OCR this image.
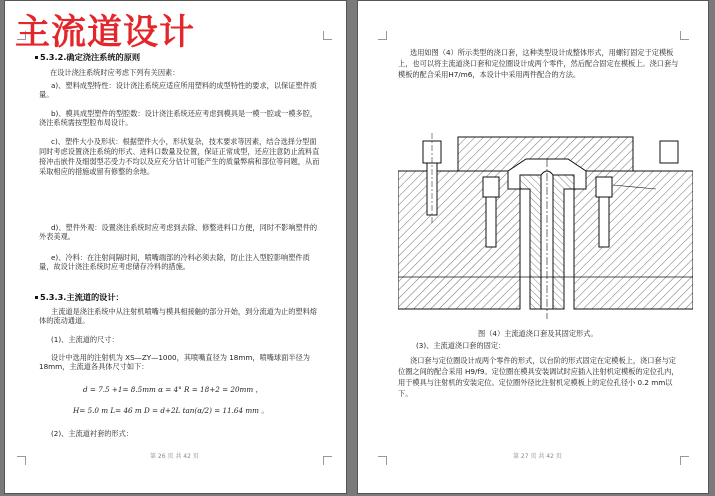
主流道设计
5.3.2.确定浇注系统的原则
在设计浇注系统时应考虑下列有关因素：
a)、塑料成型特性：设计浇注系统应适应所用塑料的成型特性的要求，以保证塑件质量。
b)、模具成型塑件的型腔数：设计浇注系统还应考虑到模具是一模一腔或一模多腔，浇注系统需按型腔布局设计。
c)、塑件大小及形状：根据塑件大小，形状复杂，技术要求等因素，结合选择分型面同时考虑设置浇注系统的形式、进料口数量及位置，保证正常成型，还应注意防止流料直接冲击嵌件及细弱型芯受力不均以及应充分估计可能产生的质量弊病和部位等问题，从而采取相应的措施或留有修整的余地。
d)、塑件外观：设置浇注系统时应考虑到去除、修整进料口方便，同时不影响塑件的外表美观。
e)、冷料：在注射间隔时间，喷嘴端部的冷料必须去除，防止注入型腔影响塑件质量，故设计浇注系统时应考虑储存冷料的措施。
5.3.3.主流道的设计：
主流道是浇注系统中从注射机喷嘴与模具相接触的部分开始，到分流道为止的塑料熔体的流动通道。
(1)、主流道的尺寸：
设计中选用的注射机为 XS—ZY—1000，其喷嘴直径为 18mm，喷嘴球面半径为 18mm，主流道各具体尺寸如下：
d = 7.5 +1= 8.5mm α = 4° R = 18+2 = 20mm ，
H= 5.0 m L= 46 m D = d+2L tan(α/2) = 11.64 mm 。
(2)、主流道衬套的形式：
第 26 页 共 42 页
选用如图（4）所示类型的浇口套，这种类型设计成整体形式，用螺钉固定于定模板上，也可以将主流道浇口套和定位圈设计成两个零件，然后配合固定在模板上。浇口套与模板的配合采用H7/m6，本设计中采用两件配合的方法。
图（4）主流道浇口套及其固定形式。
(3)、主流道浇口套的固定：
浇口套与定位圈设计成两个零件的形式，以台阶的形式固定在定模板上，浇口套与定位圈之间的配合采用 H9/f9。定位圈在模具安装调试时应插入注射机定模板的定位孔内，用于模具与注射机的安装定位。定位圈外径比注射机定模板上的定位孔径小 0.2 mm以下。
第 27 页 共 42 页
